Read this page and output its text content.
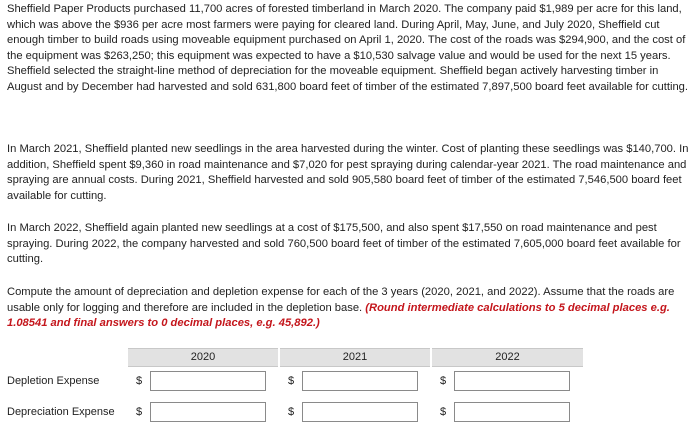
Sheffield Paper Products purchased 11,700 acres of forested timberland in March 2020. The company paid $1,989 per acre for this land, which was above the $936 per acre most farmers were paying for cleared land. During April, May, June, and July 2020, Sheffield cut enough timber to build roads using moveable equipment purchased on April 1, 2020. The cost of the roads was $294,900, and the cost of the equipment was $263,250; this equipment was expected to have a $10,530 salvage value and would be used for the next 15 years. Sheffield selected the straight-line method of depreciation for the moveable equipment. Sheffield began actively harvesting timber in August and by December had harvested and sold 631,800 board feet of timber of the estimated 7,897,500 board feet available for cutting.

In March 2021, Sheffield planted new seedlings in the area harvested during the winter. Cost of planting these seedlings was $140,700. In addition, Sheffield spent $9,360 in road maintenance and $7,020 for pest spraying during calendar-year 2021. The road maintenance and spraying are annual costs. During 2021, Sheffield harvested and sold 905,580 board feet of timber of the estimated 7,546,500 board feet available for cutting.

In March 2022, Sheffield again planted new seedlings at a cost of $175,500, and also spent $17,550 on road maintenance and pest spraying. During 2022, the company harvested and sold 760,500 board feet of timber of the estimated 7,605,000 board feet available for cutting.

Compute the amount of depreciation and depletion expense for each of the 3 years (2020, 2021, and 2022). Assume that the roads are usable only for logging and therefore are included in the depletion base. (Round intermediate calculations to 5 decimal places e.g. 1.08541 and final answers to 0 decimal places, e.g. 45,892.)

2020	2021	2022
Depletion Expense	$	$	$
Depreciation Expense $	$	$
